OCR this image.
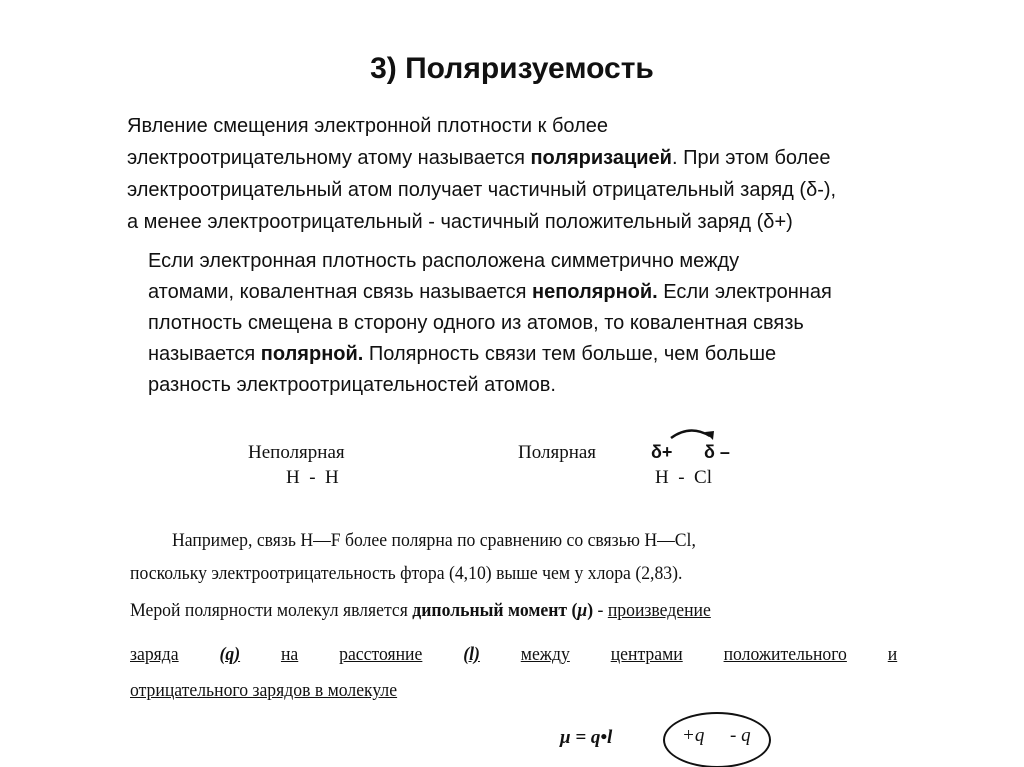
3) Поляризуемость
Явление смещения электронной плотности к более
электроотрицательному атому называется поляризацией. При этом более
электроотрицательный атом получает частичный отрицательный заряд (δ-),
а менее электроотрицательный - частичный положительный заряд (δ+)
Если электронная плотность расположена симметрично между
атомами, ковалентная связь называется неполярной. Если электронная
плотность смещена в сторону одного из атомов, то ковалентная связь
называется полярной. Полярность связи тем больше, чем больше
разность электроотрицательностей атомов.
Неполярная
H  -  H
Полярная	δ+ δ –
H  -  Cl
Например, связь H—F более полярна по сравнению со связью H—Cl,
поскольку электроотрицательность фтора (4,10) выше чем у хлора (2,83).
Мерой полярности молекул является дипольный момент (μ) - произведение
заряда (q) на расстояние (l) между центрами положительного и
отрицательного зарядов в молекуле
μ = q•l	+q - q
